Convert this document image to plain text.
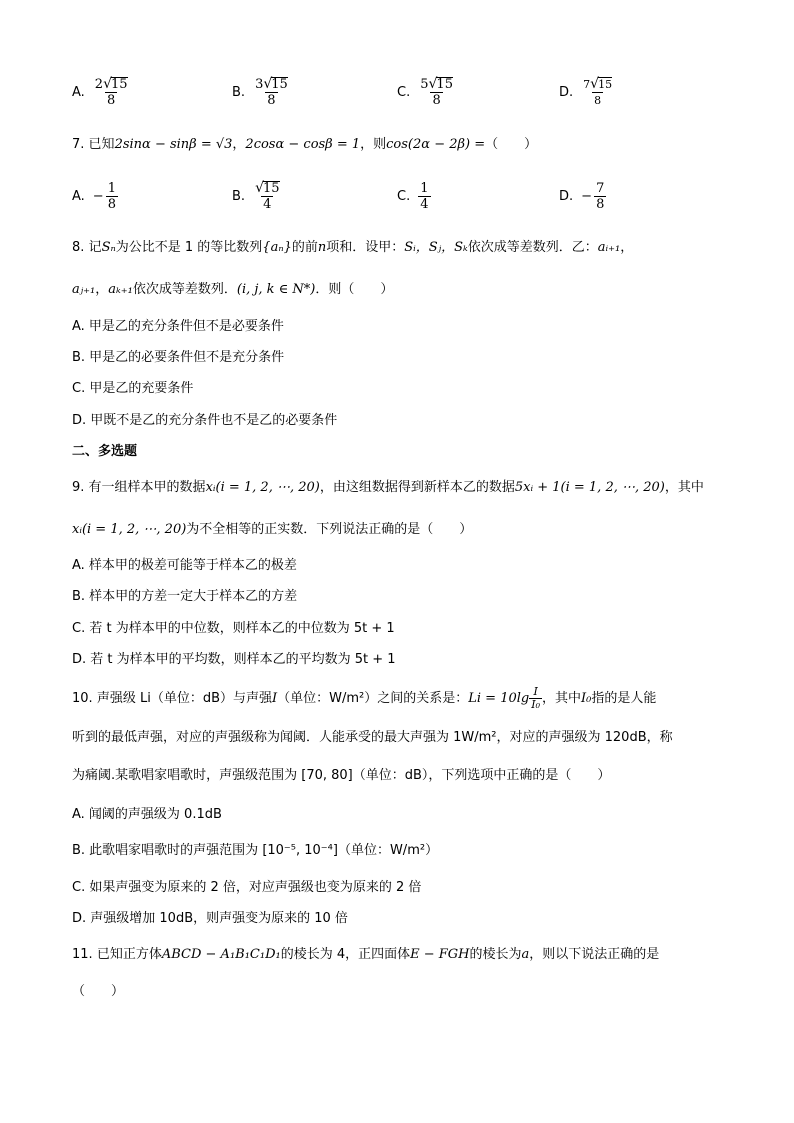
A. $\frac{2 √ 15}{8}$	B. $\frac{3 √ 15}{8}$	C. $\frac{5 √ 15}{8}$	D. $\frac{7 √ 15}{8}$
7. 已知2sinα − sinβ = √3，2cosα − cosβ = 1，则cos(2α − 2β) =（　　）
A. − $\frac{1}{8}$	B. $\frac{√ 15}{4}$	C. $\frac{1}{4}$	D. − $\frac{7}{8}$
8. 记Sₙ为公比不是 1 的等比数列{aₙ}的前n项和．设甲：Sᵢ，Sⱼ，Sₖ依次成等差数列．乙：aᵢ₊₁，
aⱼ₊₁，aₖ₊₁依次成等差数列．(i, j, k ∈ N*)．则（　　）
A. 甲是乙的充分条件但不是必要条件
B. 甲是乙的必要条件但不是充分条件
C. 甲是乙的充要条件
D. 甲既不是乙的充分条件也不是乙的必要条件
二、多选题
9. 有一组样本甲的数据xᵢ(i = 1, 2, ⋯, 20)，由这组数据得到新样本乙的数据5xᵢ + 1(i = 1, 2, ⋯, 20)，其中
xᵢ(i = 1, 2, ⋯, 20)为不全相等的正实数．下列说法正确的是（　　）
A. 样本甲的极差可能等于样本乙的极差
B. 样本甲的方差一定大于样本乙的方差
C. 若 t 为样本甲的中位数，则样本乙的中位数为 5t + 1
D. 若 t 为样本甲的平均数，则样本乙的平均数为 5t + 1
10. 声强级 Li（单位：dB）与声强I（单位：W/m²）之间的关系是：$Li = 10\lg \frac{I}{\text{I₀}}$ ，其中I₀指的是人能
听到的最低声强，对应的声强级称为闻阈．人能承受的最大声强为 1W/m²，对应的声强级为 120dB，称
为痛阈.某歌唱家唱歌时，声强级范围为 [70, 80]（单位：dB），下列选项中正确的是（　　）
A. 闻阈的声强级为 0.1dB
B. 此歌唱家唱歌时的声强范围为 [10⁻⁵, 10⁻⁴]（单位：W/m²）
C. 如果声强变为原来的 2 倍，对应声强级也变为原来的 2 倍
D. 声强级增加 10dB，则声强变为原来的 10 倍
11. 已知正方体ABCD − A₁B₁C₁D₁的棱长为 4，正四面体E − FGH的棱长为a，则以下说法正确的是
（　　）
